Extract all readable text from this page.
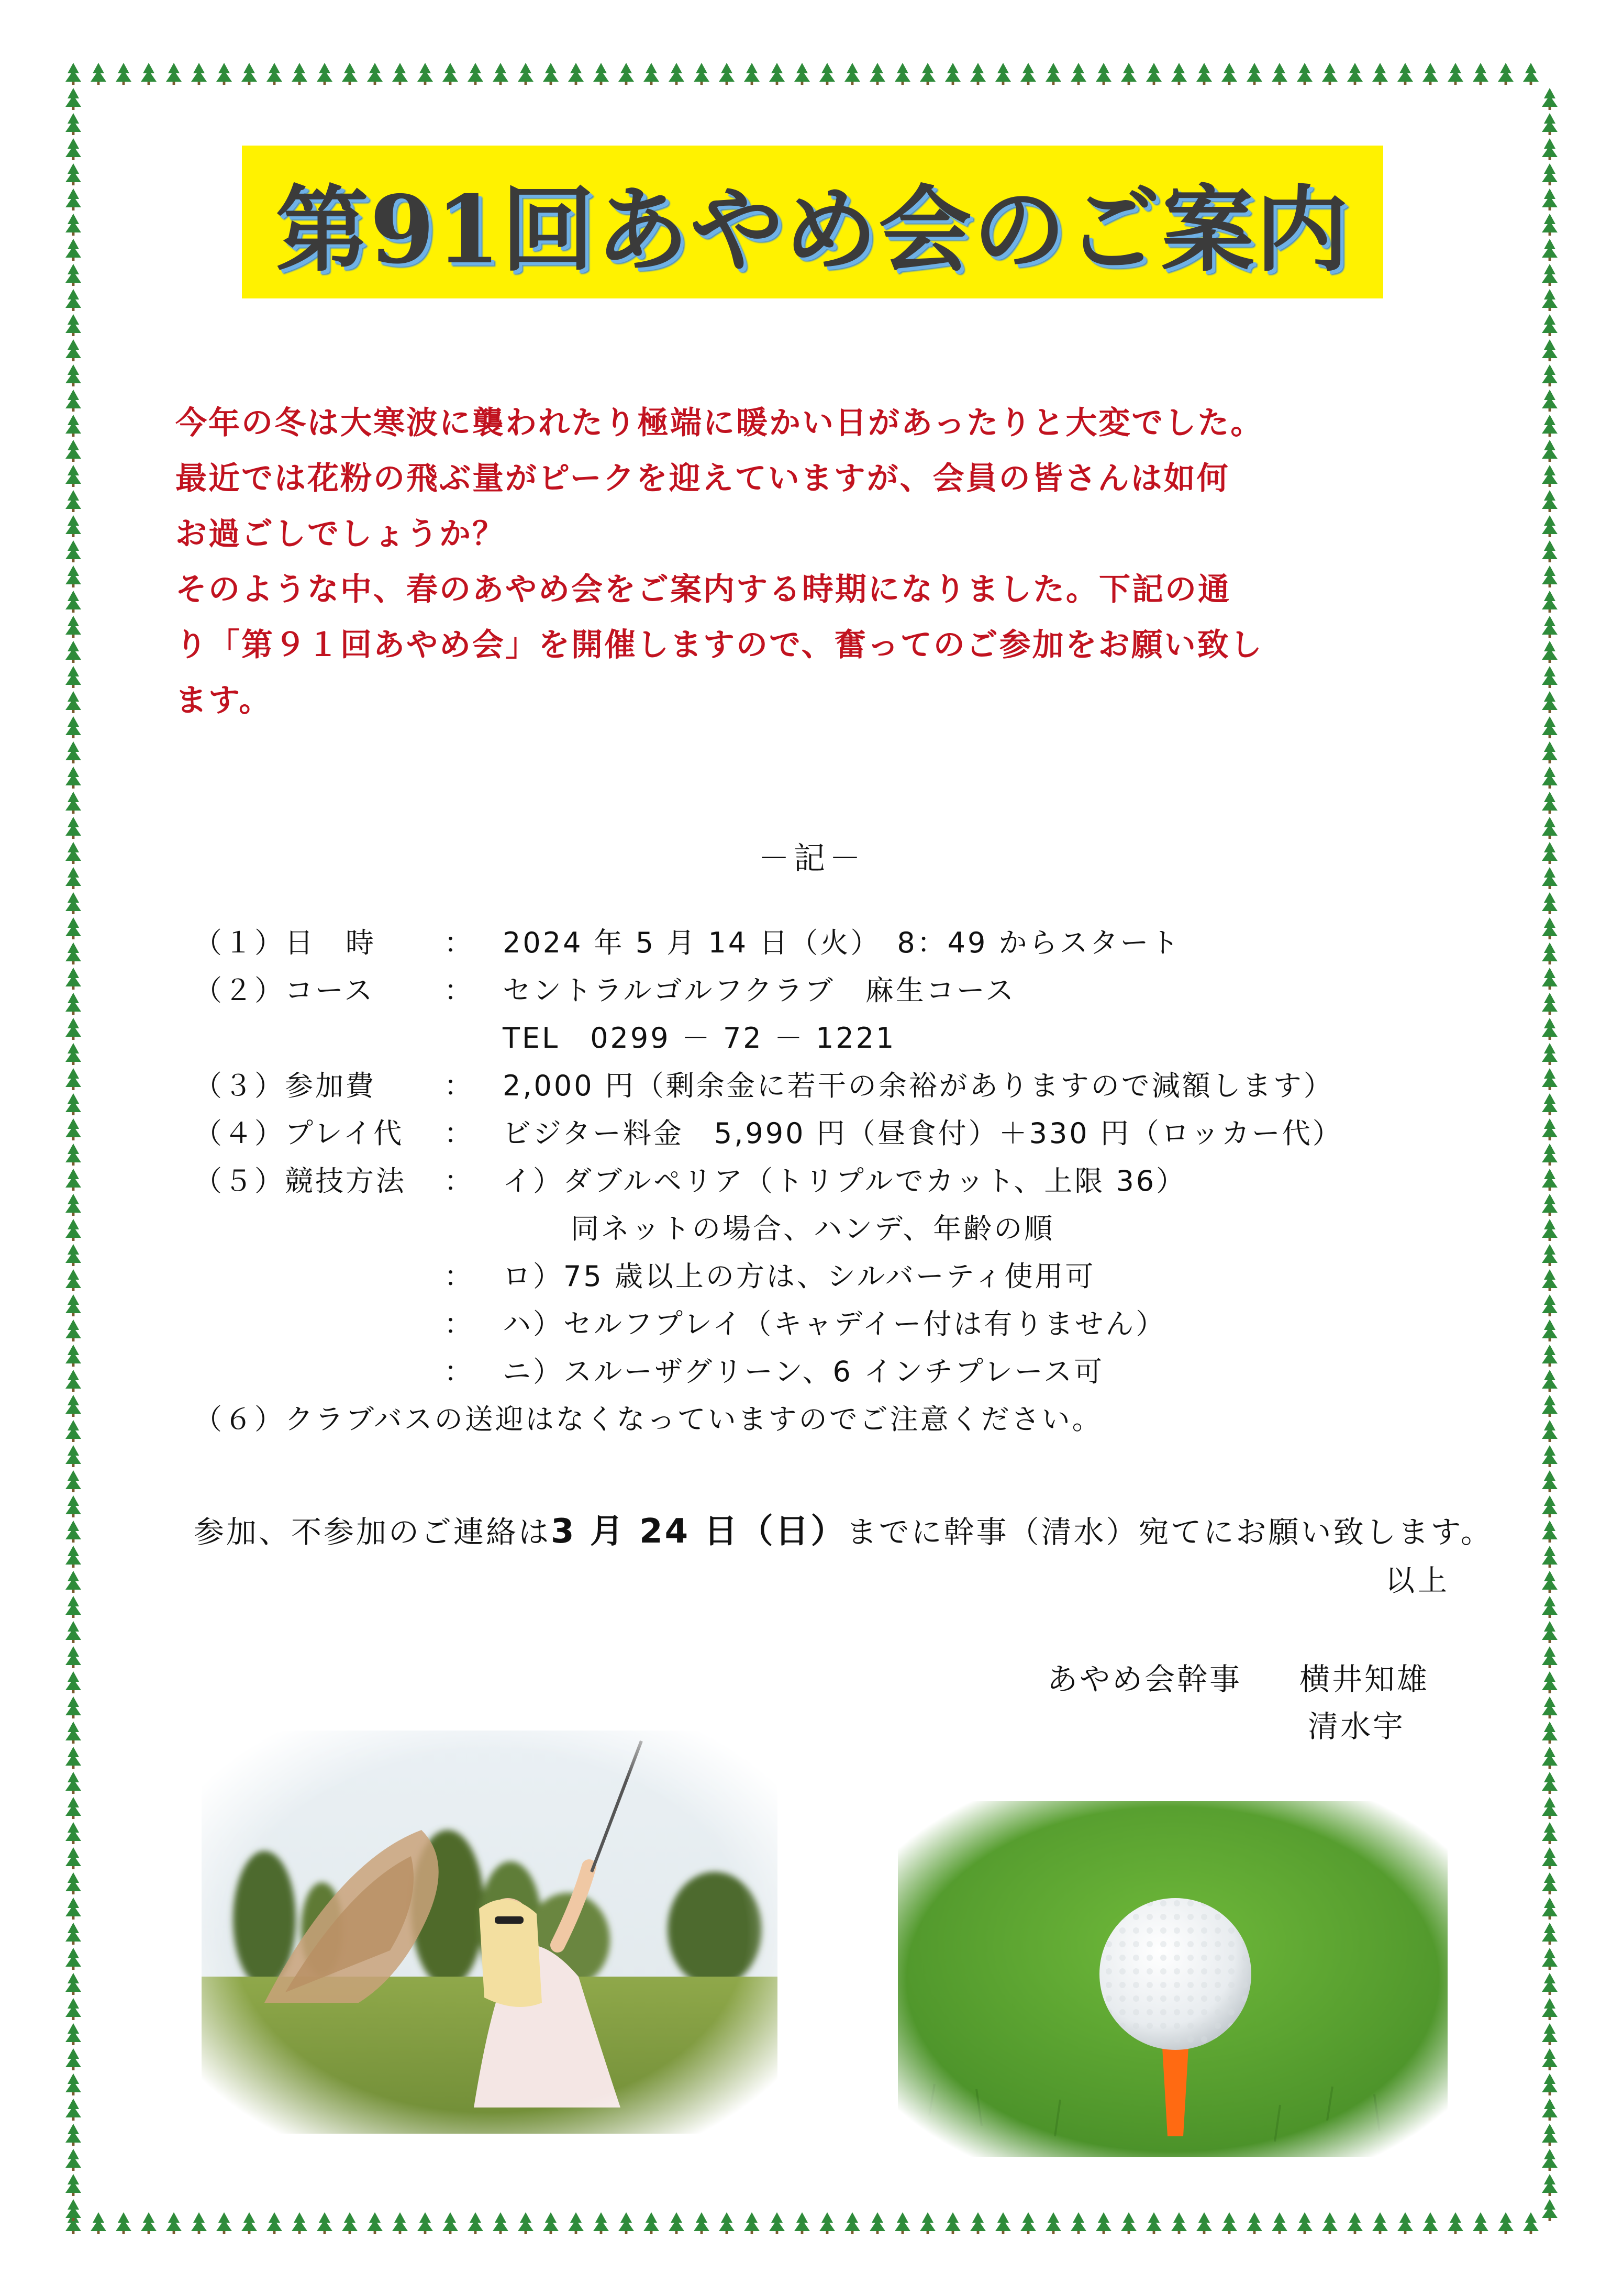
第91回あやめ会のご案内

今年の冬は大寒波に襲われたり極端に暖かい日があったりと大変でした。

最近では花粉の飛ぶ量がピークを迎えていますが、会員の皆さんは如何

お過ごしでしょうか？

そのような中、春のあやめ会をご案内する時期になりました。下記の通

り「第９１回あやめ会」を開催しますので、奮ってのご参加をお願い致し

ます。

－記－
（１）日　時 ： 2024 年 5 月 14 日（火）　8：49 からスタート
（２）コース ： セントラルゴルフクラブ　麻生コース
TEL　0299 － 72 － 1221
（３）参加費 ： 2,000 円（剰余金に若干の余裕がありますので減額します）
（４）プレイ代 ： ビジター料金　5,990 円（昼食付）＋330 円（ロッカー代）
（５）競技方法 ： イ）ダブルペリア（トリプルでカット、上限 36）
同ネットの場合、ハンデ、年齢の順
： ロ）75 歳以上の方は、シルバーティ使用可
： ハ）セルフプレイ（キャデイー付は有りません）
： ニ）スルーザグリーン、6 インチプレース可
（６）クラブバスの送迎はなくなっていますのでご注意ください。
参加、不参加のご連絡は3 月 24 日（日）までに幹事（清水）宛てにお願い致します。
以上
あやめ会幹事 横井知雄
清水宇
